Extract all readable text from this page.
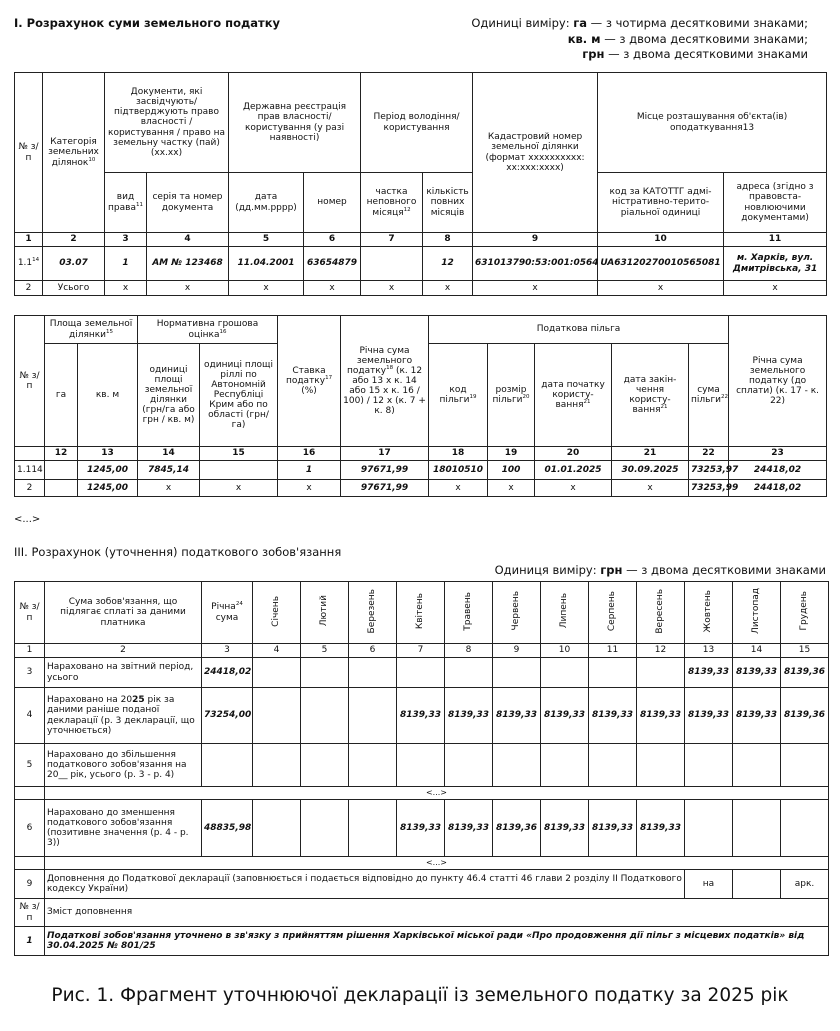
І. Розрахунок суми земельного податку	Одиниці виміру: га — з чотирма десятковими знаками;
кв. м — з двома десятковими знаками;
грн — з двома десятковими знаками
№ з/п	Категорія земельних ділянок$^{10}$	Документи, які засвідчують/ підтверджують право власності / користування / право на земельну частку (пай) (хх.хх)		Державна реєстрація прав власності/ користування (у разі наявності)		Період володіння/ користування		Кадастровий номер земельної ділянки (формат хххххххххх: хх:ххх:хххх)	Місце розташування об'єкта(ів) оподаткування13	
		вид права$^{11}$	серія та номер документа	дата (дд.мм.рррр)	номер	частка неповного місяця$^{12}$	кількість повних місяців		код за КАТОТТГ адміністративно-територіальної одиниці	адреса (згідно з правовстановлюючими документами)
1	2	3	4	5	6	7	8	9	10	11
$1.1^{14}$	03.07	1	АМ № 123468	11.04.2001	63654879		12	631013790:53:001:0564	UA63120270010565081	м. Харків, вул. Дмитрівська, 31
2	Усього	х	х	х	х	х	х	х	х	х
№ з/п	Площа земельної ділянки$^{15}$		Нормативна грошова оцінка$^{16}$		Ставка податку$^{17}$ (%)	Річна сума земельного податку$^{18}$ (к. 12 або 13 х к. 14 або 15 х к. 16 / 100) / 12 х (к. 7 + к. 8)	Податкова пільга					Річна сума земельного податку (до сплати) (к. 17 - к. 22)
	га	кв. м	одиниці площі земельної ділянки (грн/га або грн / кв. м)	одиниці площі ріллі по Автономній Республіці Крим або по області (грн/га)			код пільги$^{19}$	розмір пільги$^{20}$	дата початку користування$^{21}$	дата закінчення користування$^{21}$	сума пільги$^{22}$
	12	13	14	15	16	17	18	19	20	21	22	23
1.114		1245,00	7845,14		1	97671,99	18010510	100	01.01.2025	30.09.2025	73253,97	24418,02
2		1245,00	х	х	х	97671,99	х	х	х	х	73253,99	24418,02
<...>
ІІІ. Розрахунок (уточнення) податкового зобов'язання
Одиниця виміру: грн — з двома десятковими знаками
№ з/п	Сума зобов'язання, що підлягає сплаті за даними платника	Річна$^{24}$ сума	Січень	Лютий	Березень	Квітень	Травень	Червень	Липень	Серпень	Вересень	Жовтень	Листопад	Грудень
1	2	3	4	5	6	7	8	9	10	11	12	13	14	15
3	Нараховано на звітний період, усього	24418,02										8139,33	8139,33	8139,36
4	Нараховано на 2025 рік за даними раніше поданої декларації (р. 3 декларації, що уточнюється)	73254,00				8139,33	8139,33	8139,33	8139,33	8139,33	8139,33	8139,33	8139,33	8139,36
5	Нараховано до збільшення податкового зобов'язання на 20__ рік, усього (р. 3 - р. 4)													
	<...>													
6	Нараховано до зменшення податкового зобов'язання (позитивне значення (р. 4 - р. 3))	48835,98				8139,33	8139,33	8139,36	8139,33	8139,33	8139,33			
	<...>													
9	Доповнення до Податкової декларації (заповнюється і подається відповідно до пункту 46.4 статті 46 глави 2 розділу ІІ Податкового кодексу України)											на		арк.
№ з/п	Зміст доповнення													
1	Податкові зобов'язання уточнено в зв'язку з прийняттям рішення Харківської міської ради «Про продовження дії пільг з місцевих податків» від 30.04.2025 № 801/25													
Рис. 1. Фрагмент уточнюючої декларації із земельного податку за 2025 рік
